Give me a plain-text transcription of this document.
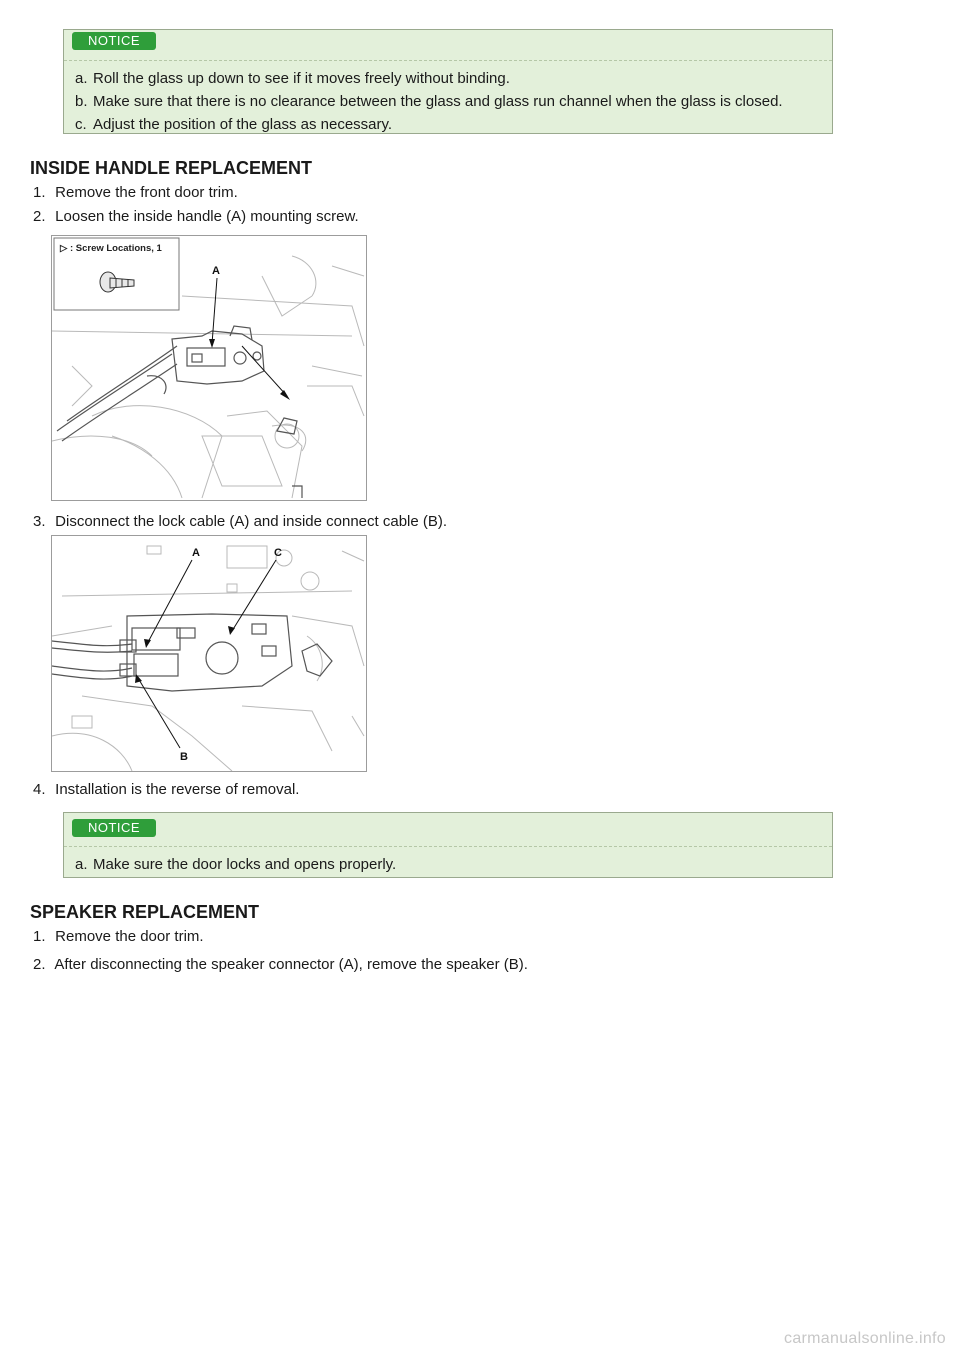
NOTICE
a. Roll the glass up down to see if it moves freely without binding.
b. Make sure that there is no clearance between the glass and glass run channel when the glass is closed.
c. Adjust the position of the glass as necessary.
INSIDE HANDLE REPLACEMENT
1. Remove the front door trim.
2. Loosen the inside handle (A) mounting screw.
▷ : Screw Locations, 1
A
3. Disconnect the lock cable (A) and inside connect cable (B).
A	C
B
4. Installation is the reverse of removal.
NOTICE
a. Make sure the door locks and opens properly.
SPEAKER REPLACEMENT
1. Remove the door trim.
2. After disconnecting the speaker connector (A), remove the speaker (B).
carmanualsonline.info
